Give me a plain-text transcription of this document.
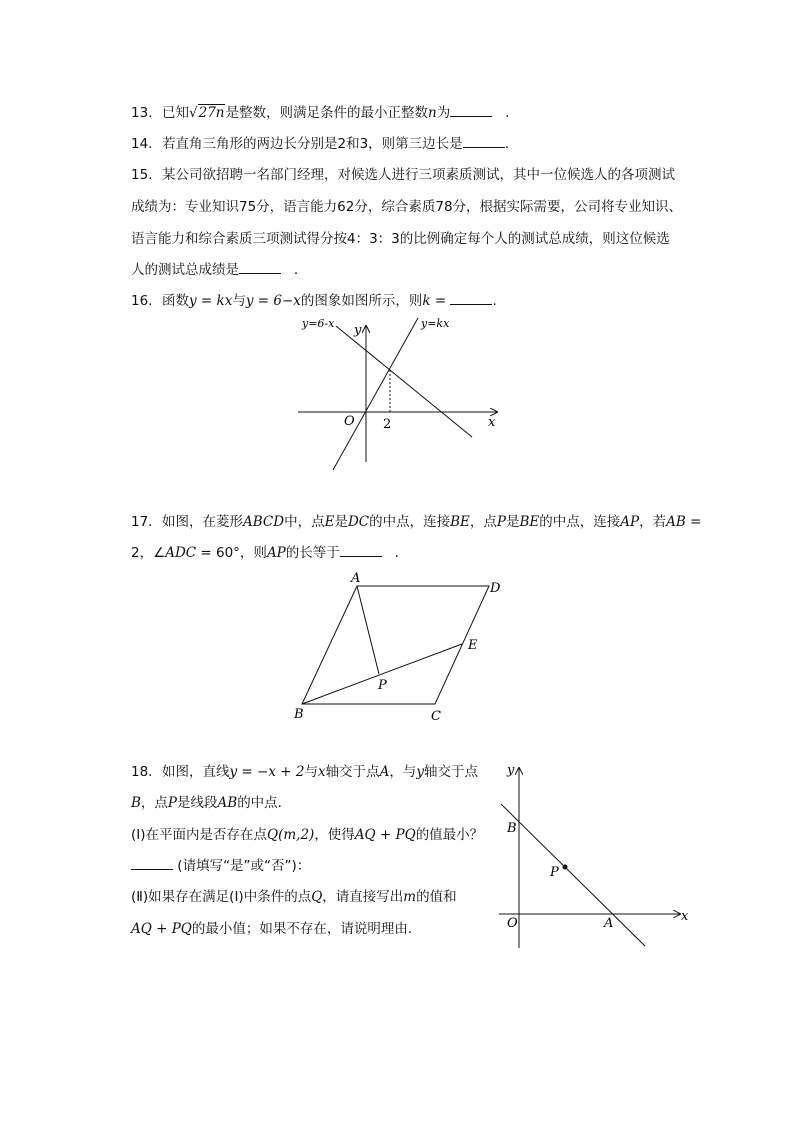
13. 已知√27n是整数，则满足条件的最小正整数n为	.
14. 若直角三角形的两边长分别是2和3，则第三边长是	.
15. 某公司欲招聘一名部门经理，对候选人进行三项素质测试，其中一位候选人的各项测试
成绩为：专业知识75分，语言能力62分，综合素质78分，根据实际需要，公司将专业知识、
语言能力和综合素质三项测试得分按4：3：3的比例确定每个人的测试总成绩，则这位候选
人的测试总成绩是	.
16. 函数y = kx与y = 6−x的图象如图所示，则k =	.
y=6-x	y=kx
y
x
O 2
17. 如图，在菱形ABCD中，点E是DC的中点，连接BE，点P是BE的中点，连接AP，若AB =
2，∠ADC = 60°，则AP的长等于	.
A
D
E
P
B	C
18. 如图，直线y = −x + 2与x轴交于点A，与y轴交于点
B，点P是线段AB的中点．
(Ⅰ)在平面内是否存在点Q(m,2)，使得AQ + PQ的值最小？
(请填写“是”或“否”)：
(Ⅱ)如果存在满足(Ⅰ)中条件的点Q，请直接写出m的值和
AQ + PQ的最小值；如果不存在，请说明理由．
y
x
O	A
B
P
